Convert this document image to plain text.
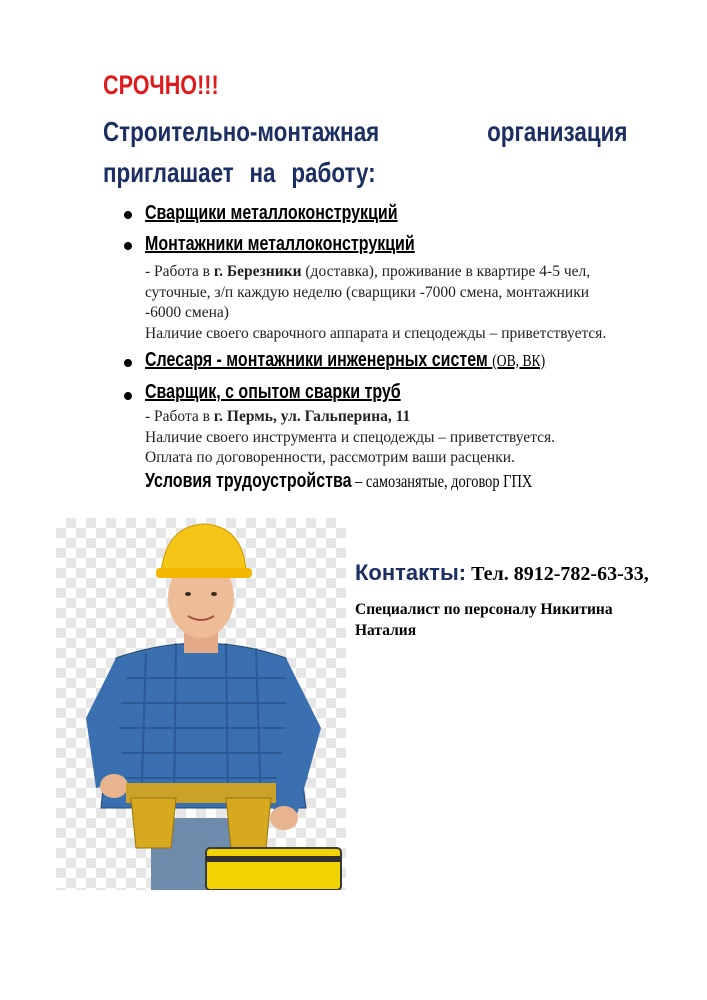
СРОЧНО!!!
Строительно-монтажная	организация
приглашает на работу:
Сварщики металлоконструкций
Монтажники металлоконструкций
- Работа в г. Березники (доставка), проживание в квартире 4-5 чел,
суточные, з/п каждую неделю (сварщики -7000 смена, монтажники
-6000 смена)
Наличие своего сварочного аппарата и спецодежды – приветствуется.
Слесаря - монтажники инженерных систем (ОВ, ВК)
Сварщик, с опытом сварки труб
- Работа в г. Пермь, ул. Гальперина, 11
Наличие своего инструмента и спецодежды – приветствуется.
Оплата по договоренности, рассмотрим ваши расценки.
Условия трудоустройства – самозанятые, договор ГПХ
Контакты: Тел. 8912-782-63-33,
Специалист по персоналу Никитина Наталия
